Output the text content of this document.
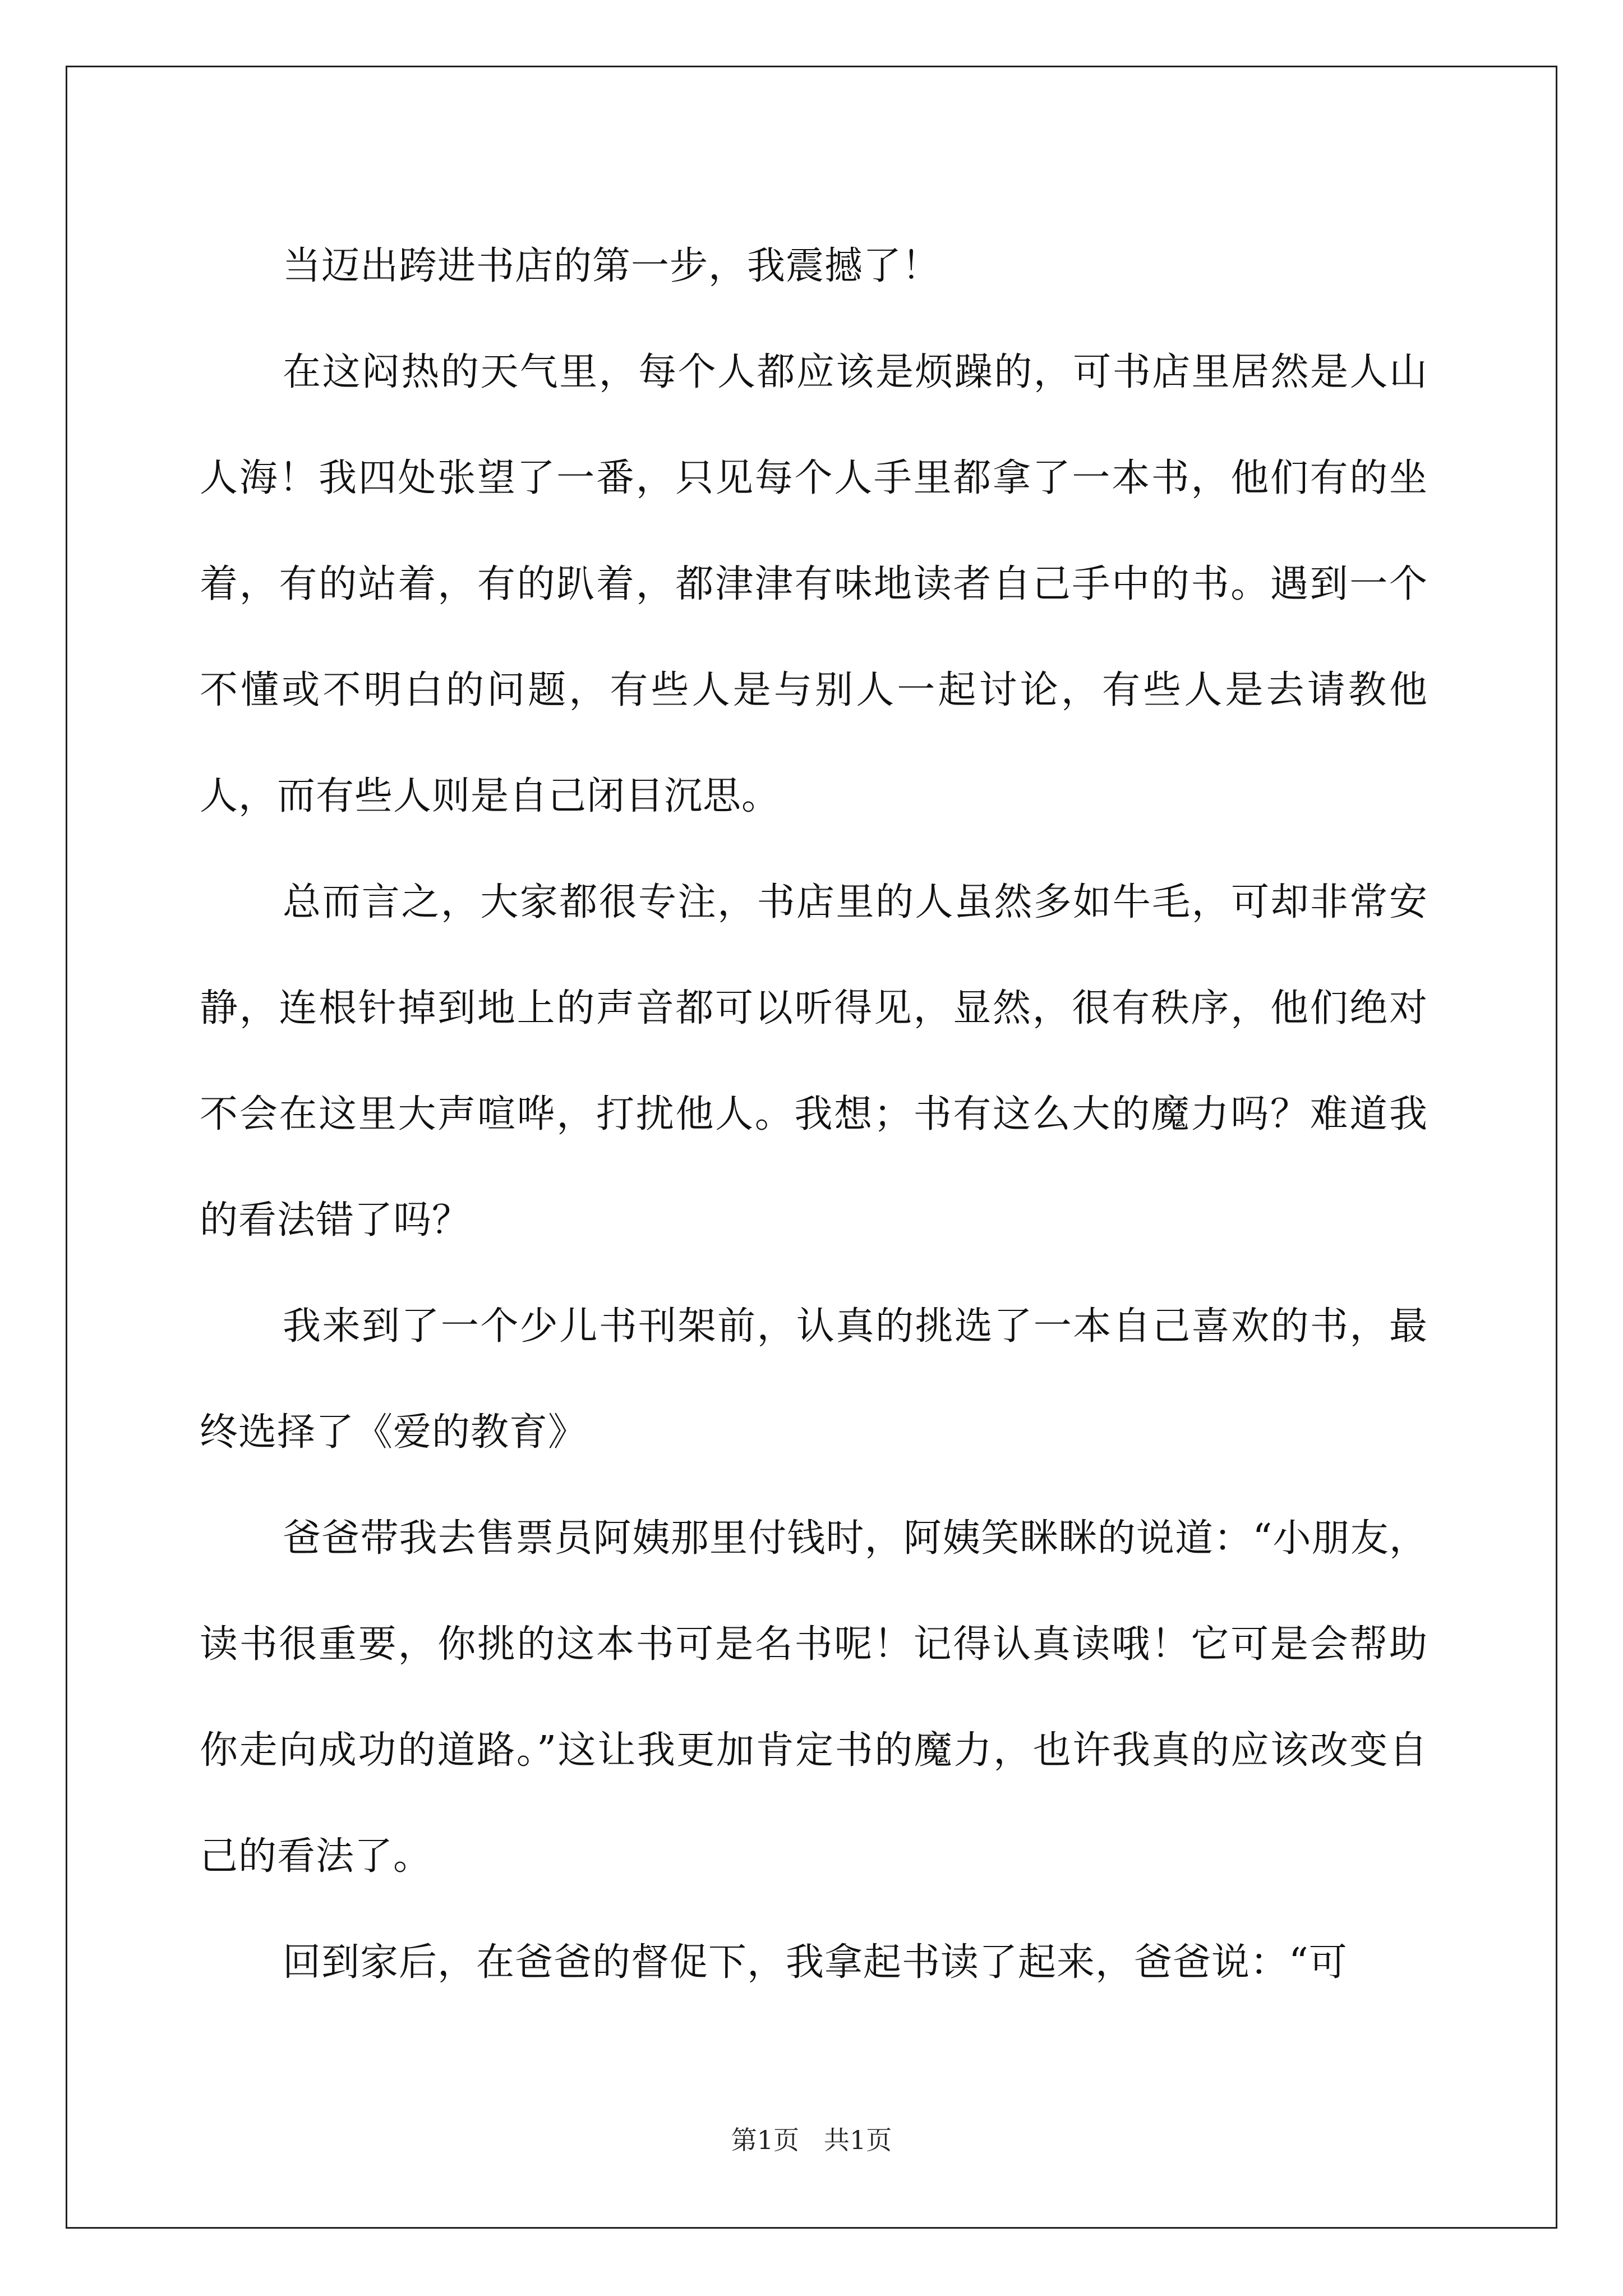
当迈出跨进书店的第一步，我震撼了！

在这闷热的天气里，每个人都应该是烦躁的，可书店里居然是人山人海！我四处张望了一番，只见每个人手里都拿了一本书，他们有的坐着，有的站着，有的趴着，都津津有味地读者自己手中的书。遇到一个不懂或不明白的问题，有些人是与别人一起讨论，有些人是去请教他人，而有些人则是自己闭目沉思。

总而言之，大家都很专注，书店里的人虽然多如牛毛，可却非常安静，连根针掉到地上的声音都可以听得见，显然，很有秩序，他们绝对不会在这里大声喧哗，打扰他人。我想；书有这么大的魔力吗？难道我的看法错了吗？

我来到了一个少儿书刊架前，认真的挑选了一本自己喜欢的书，最终选择了《爱的教育》

爸爸带我去售票员阿姨那里付钱时，阿姨笑眯眯的说道：“小朋友，读书很重要，你挑的这本书可是名书呢！记得认真读哦！它可是会帮助你走向成功的道路。”这让我更加肯定书的魔力，也许我真的应该改变自己的看法了。

回到家后，在爸爸的督促下，我拿起书读了起来，爸爸说：“可

第1页 共1页
